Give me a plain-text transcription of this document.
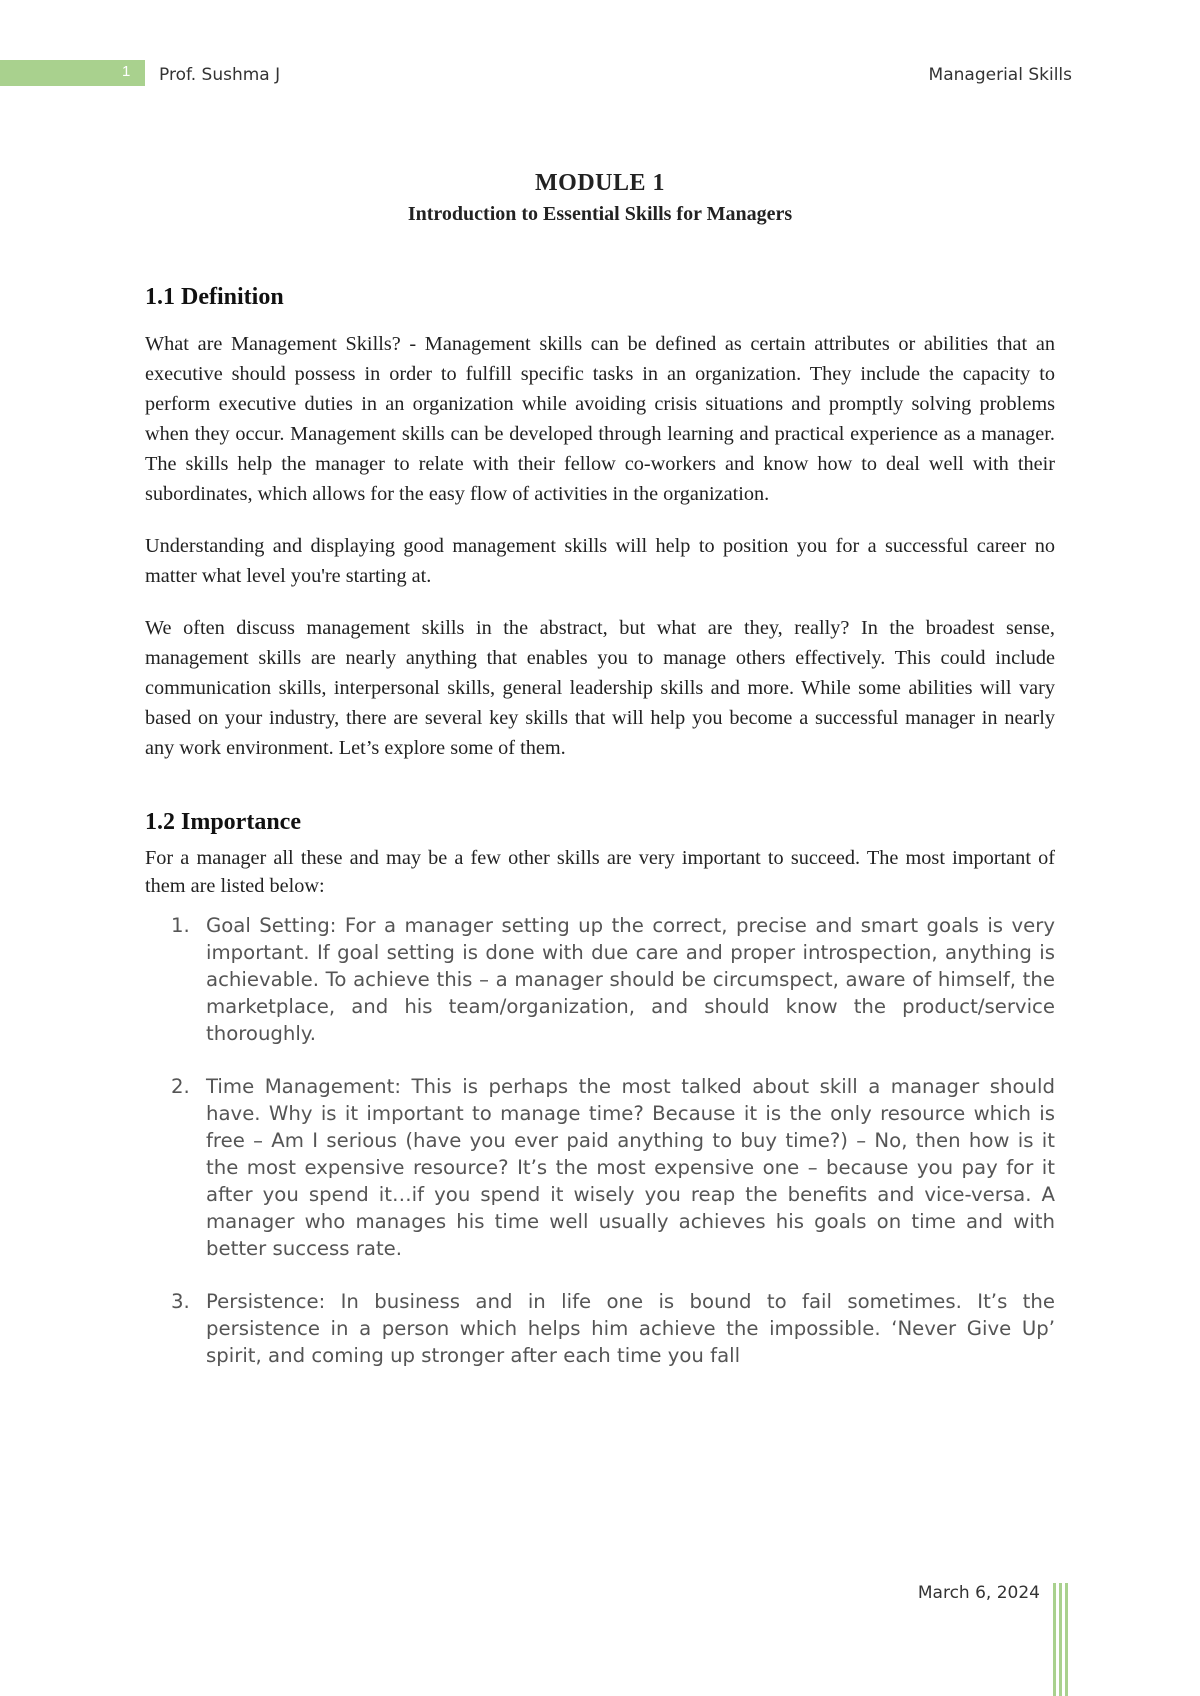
1 Prof. Sushma J	Managerial Skills
MODULE 1
Introduction to Essential Skills for Managers
1.1 Definition

What are Management Skills? - Management skills can be defined as certain attributes or abilities that an executive should possess in order to fulfill specific tasks in an organization. They include the capacity to perform executive duties in an organization while avoiding crisis situations and promptly solving problems when they occur. Management skills can be developed through learning and practical experience as a manager. The skills help the manager to relate with their fellow co-workers and know how to deal well with their subordinates, which allows for the easy flow of activities in the organization.

Understanding and displaying good management skills will help to position you for a successful career no matter what level you're starting at.

We often discuss management skills in the abstract, but what are they, really? In the broadest sense, management skills are nearly anything that enables you to manage others effectively. This could include communication skills, interpersonal skills, general leadership skills and more. While some abilities will vary based on your industry, there are several key skills that will help you become a successful manager in nearly any work environment. Let’s explore some of them.

1.2 Importance

For a manager all these and may be a few other skills are very important to succeed. The most important of them are listed below:

1. Goal Setting: For a manager setting up the correct, precise and smart goals is very important. If goal setting is done with due care and proper introspection, anything is achievable. To achieve this – a manager should be circumspect, aware of himself, the marketplace, and his team/organization, and should know the product/service thoroughly.
2. Time Management: This is perhaps the most talked about skill a manager should have. Why is it important to manage time? Because it is the only resource which is free – Am I serious (have you ever paid anything to buy time?) – No, then how is it the most expensive resource? It’s the most expensive one – because you pay for it after you spend it…if you spend it wisely you reap the benefits and vice-versa. A manager who manages his time well usually achieves his goals on time and with better success rate.
3. Persistence: In business and in life one is bound to fail sometimes. It’s the persistence in a person which helps him achieve the impossible. ‘Never Give Up’ spirit, and coming up stronger after each time you fall
March 6, 2024
